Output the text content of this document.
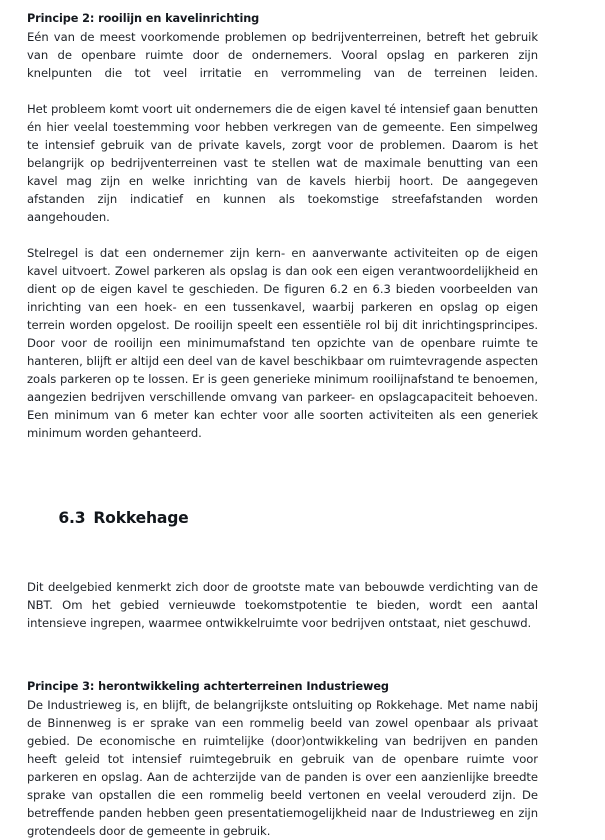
Principe 2: rooilijn en kavelinrichting

Eén van de meest voorkomende problemen op bedrijventerreinen, betreft het gebruik van de openbare ruimte door de ondernemers. Vooral opslag en parkeren zijn knelpunten die tot veel irritatie en verrommeling van de terreinen leiden.

Het probleem komt voort uit ondernemers die de eigen kavel té intensief gaan benutten én hier veelal toestemming voor hebben verkregen van de gemeente. Een simpelweg te intensief gebruik van de private kavels, zorgt voor de problemen. Daarom is het belangrijk op bedrijventerreinen vast te stellen wat de maximale benutting van een kavel mag zijn en welke inrichting van de kavels hierbij hoort. De aangegeven afstanden zijn indicatief en kunnen als toekomstige streefafstanden worden aangehouden.

Stelregel is dat een ondernemer zijn kern- en aanverwante activiteiten op de eigen kavel uitvoert. Zowel parkeren als opslag is dan ook een eigen verantwoordelijkheid en dient op de eigen kavel te geschieden. De figuren 6.2 en 6.3 bieden voorbeelden van inrichting van een hoek- en een tussenkavel, waarbij parkeren en opslag op eigen terrein worden opgelost. De rooilijn speelt een essentiële rol bij dit inrichtingsprincipes. Door voor de rooilijn een minimumafstand ten opzichte van de openbare ruimte te hanteren, blijft er altijd een deel van de kavel beschikbaar om ruimtevragende aspecten zoals parkeren op te lossen. Er is geen generieke minimum rooilijnafstand te benoemen, aangezien bedrijven verschillende omvang van parkeer- en opslagcapaciteit behoeven. Een minimum van 6 meter kan echter voor alle soorten activiteiten als een generiek minimum worden gehanteerd.

6.3 Rokkehage

Dit deelgebied kenmerkt zich door de grootste mate van bebouwde verdichting van de NBT. Om het gebied vernieuwde toekomstpotentie te bieden, wordt een aantal intensieve ingrepen, waarmee ontwikkelruimte voor bedrijven ontstaat, niet geschuwd.

Principe 3: herontwikkeling achterterreinen Industrieweg

De Industrieweg is, en blijft, de belangrijkste ontsluiting op Rokkehage. Met name nabij de Binnenweg is er sprake van een rommelig beeld van zowel openbaar als privaat gebied. De economische en ruimtelijke (door)ontwikkeling van bedrijven en panden heeft geleid tot intensief ruimtegebruik en gebruik van de openbare ruimte voor parkeren en opslag. Aan de achterzijde van de panden is over een aanzienlijke breedte sprake van opstallen die een rommelig beeld vertonen en veelal verouderd zijn. De betreffende panden hebben geen presentatiemogelijkheid naar de Industrieweg en zijn grotendeels door de gemeente in gebruik.
